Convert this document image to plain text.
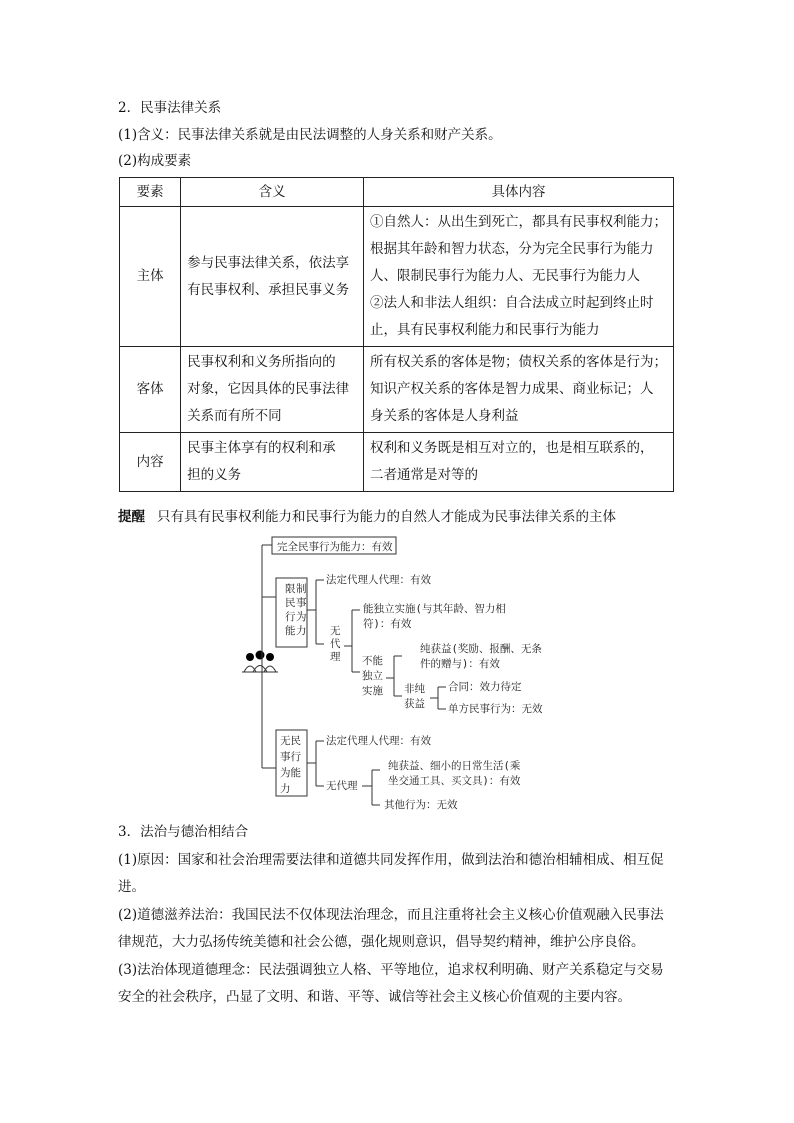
2．民事法律关系
(1)含义：民事法律关系就是由民法调整的人身关系和财产关系。
(2)构成要素
要素	含义	具体内容
主体	参与民事法律关系，依法享
有民事权利、承担民事义务	①自然人：从出生到死亡，都具有民事权利能力；
根据其年龄和智力状态，分为完全民事行为能力
人、限制民事行为能力人、无民事行为能力人
②法人和非法人组织：自合法成立时起到终止时
止，具有民事权利能力和民事行为能力

客体	民事权利和义务所指向的
对象，它因具体的民事法律
关系而有所不同	所有权关系的客体是物；债权关系的客体是行为；
知识产权关系的客体是智力成果、商业标记；人
身关系的客体是人身利益

内容	民事主体享有的权利和承
担的义务	权利和义务既是相互对立的，也是相互联系的，
二者通常是对等的
提醒 只有具有民事权利能力和民事行为能力的自然人才能成为民事法律关系的主体
完全民事行为能力：有效
限
民
行
能
制
事
为
力
法定代理人代理：有效
无
代
理
能独立实施(与其年龄、智力相
符)：有效
不能
独立
实施
纯获益(奖励、报酬、无条
件的赠与)：有效
非纯
获益
合同：效力待定
单方民事行为：无效
无民
事行
为能
力
法定代理人代理：有效
无代理
纯获益、细小的日常生活(乘
坐交通工具、买文具)：有效
其他行为：无效
3．法治与德治相结合
(1)原因：国家和社会治理需要法律和道德共同发挥作用，做到法治和德治相辅相成、相互促
进。
(2)道德滋养法治：我国民法不仅体现法治理念，而且注重将社会主义核心价值观融入民事法
律规范，大力弘扬传统美德和社会公德，强化规则意识，倡导契约精神，维护公序良俗。
(3)法治体现道德理念：民法强调独立人格、平等地位，追求权利明确、财产关系稳定与交易
安全的社会秩序，凸显了文明、和谐、平等、诚信等社会主义核心价值观的主要内容。
